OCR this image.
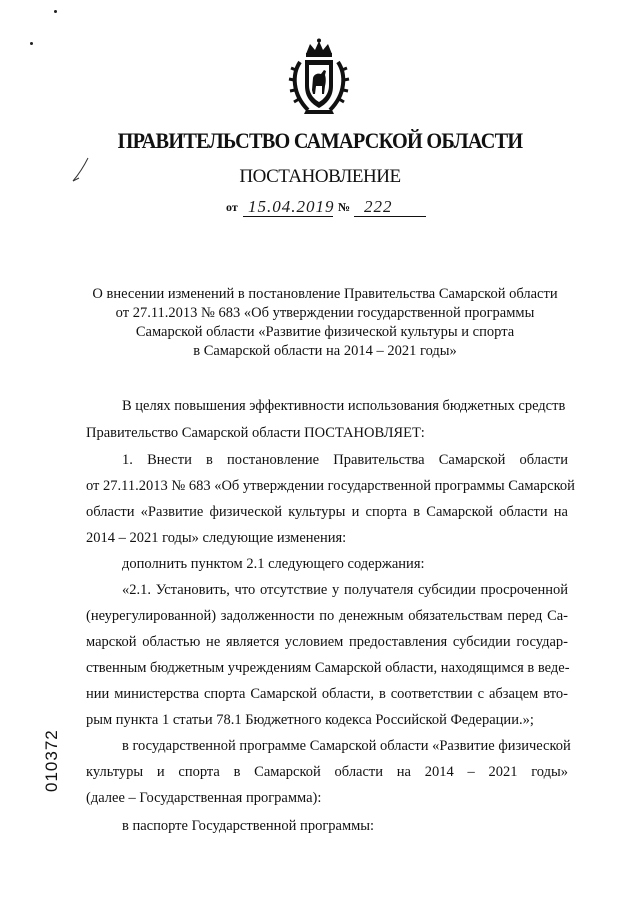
ПРАВИТЕЛЬСТВО САМАРСКОЙ ОБЛАСТИ
ПОСТАНОВЛЕНИЕ
от 15.04.2019 № 222
О внесении изменений в постановление Правительства Самарской области
от 27.11.2013 № 683 «Об утверждении государственной программы
Самарской области «Развитие физической культуры и спорта
в Самарской области на 2014 – 2021 годы»
В целях повышения эффективности использования бюджетных средств
Правительство Самарской области ПОСТАНОВЛЯЕТ:
1. Внести в постановление Правительства Самарской области
от 27.11.2013 № 683 «Об утверждении государственной программы Самарской
области «Развитие физической культуры и спорта в Самарской области на
2014 – 2021 годы» следующие изменения:
дополнить пунктом 2.1 следующего содержания:
«2.1. Установить, что отсутствие у получателя субсидии просроченной
(неурегулированной) задолженности по денежным обязательствам перед Са-
марской областью не является условием предоставления субсидии государ-
ственным бюджетным учреждениям Самарской области, находящимся в веде-
нии министерства спорта Самарской области, в соответствии с абзацем вто-
рым пункта 1 статьи 78.1 Бюджетного кодекса Российской Федерации.»;
в государственной программе Самарской области «Развитие физической
культуры и спорта в Самарской области на 2014 – 2021 годы»
(далее – Государственная программа):
в паспорте Государственной программы:
010372
